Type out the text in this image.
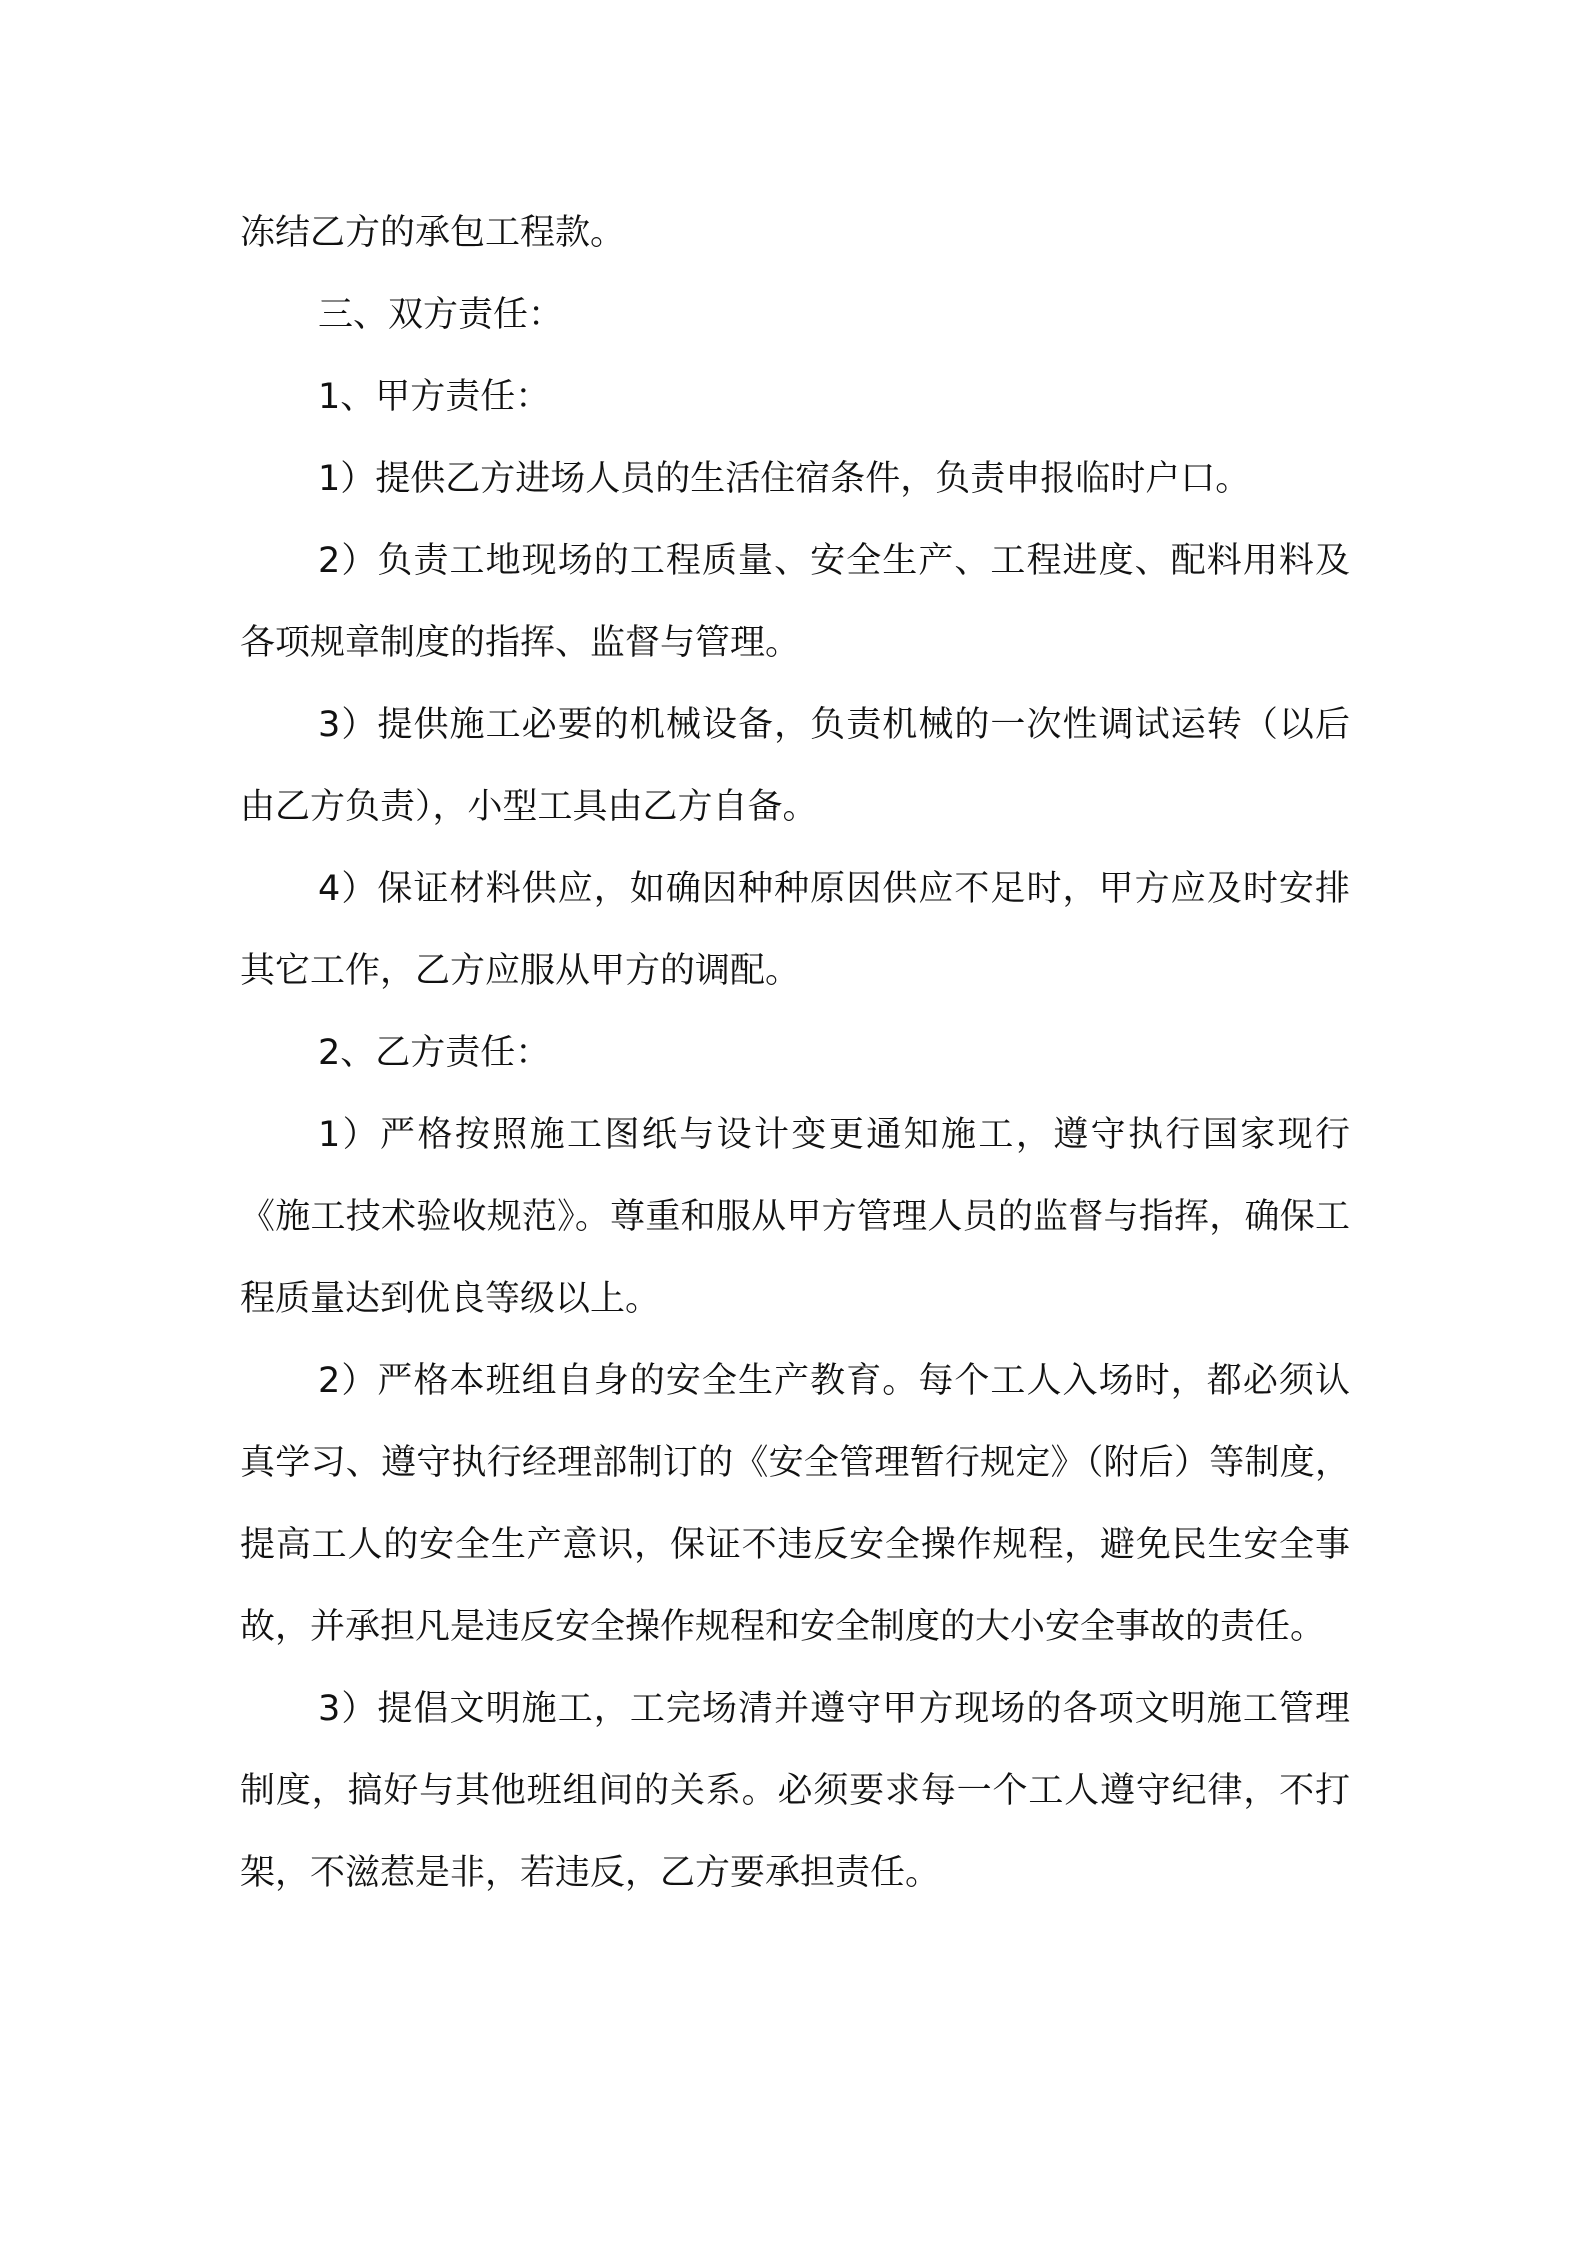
冻结乙方的承包工程款。

三、双方责任：

1、甲方责任：

1）提供乙方进场人员的生活住宿条件，负责申报临时户口。

2）负责工地现场的工程质量、安全生产、工程进度、配料用料及各项规章制度的指挥、监督与管理。

3）提供施工必要的机械设备，负责机械的一次性调试运转（以后由乙方负责），小型工具由乙方自备。

4）保证材料供应，如确因种种原因供应不足时，甲方应及时安排其它工作，乙方应服从甲方的调配。

2、乙方责任：

1）严格按照施工图纸与设计变更通知施工，遵守执行国家现行《施工技术验收规范》。尊重和服从甲方管理人员的监督与指挥，确保工程质量达到优良等级以上。

2）严格本班组自身的安全生产教育。每个工人入场时，都必须认真学习、遵守执行经理部制订的《安全管理暂行规定》（附后）等制度，提高工人的安全生产意识，保证不违反安全操作规程，避免民生安全事故，并承担凡是违反安全操作规程和安全制度的大小安全事故的责任。

3）提倡文明施工，工完场清并遵守甲方现场的各项文明施工管理制度，搞好与其他班组间的关系。必须要求每一个工人遵守纪律，不打架，不滋惹是非，若违反，乙方要承担责任。
